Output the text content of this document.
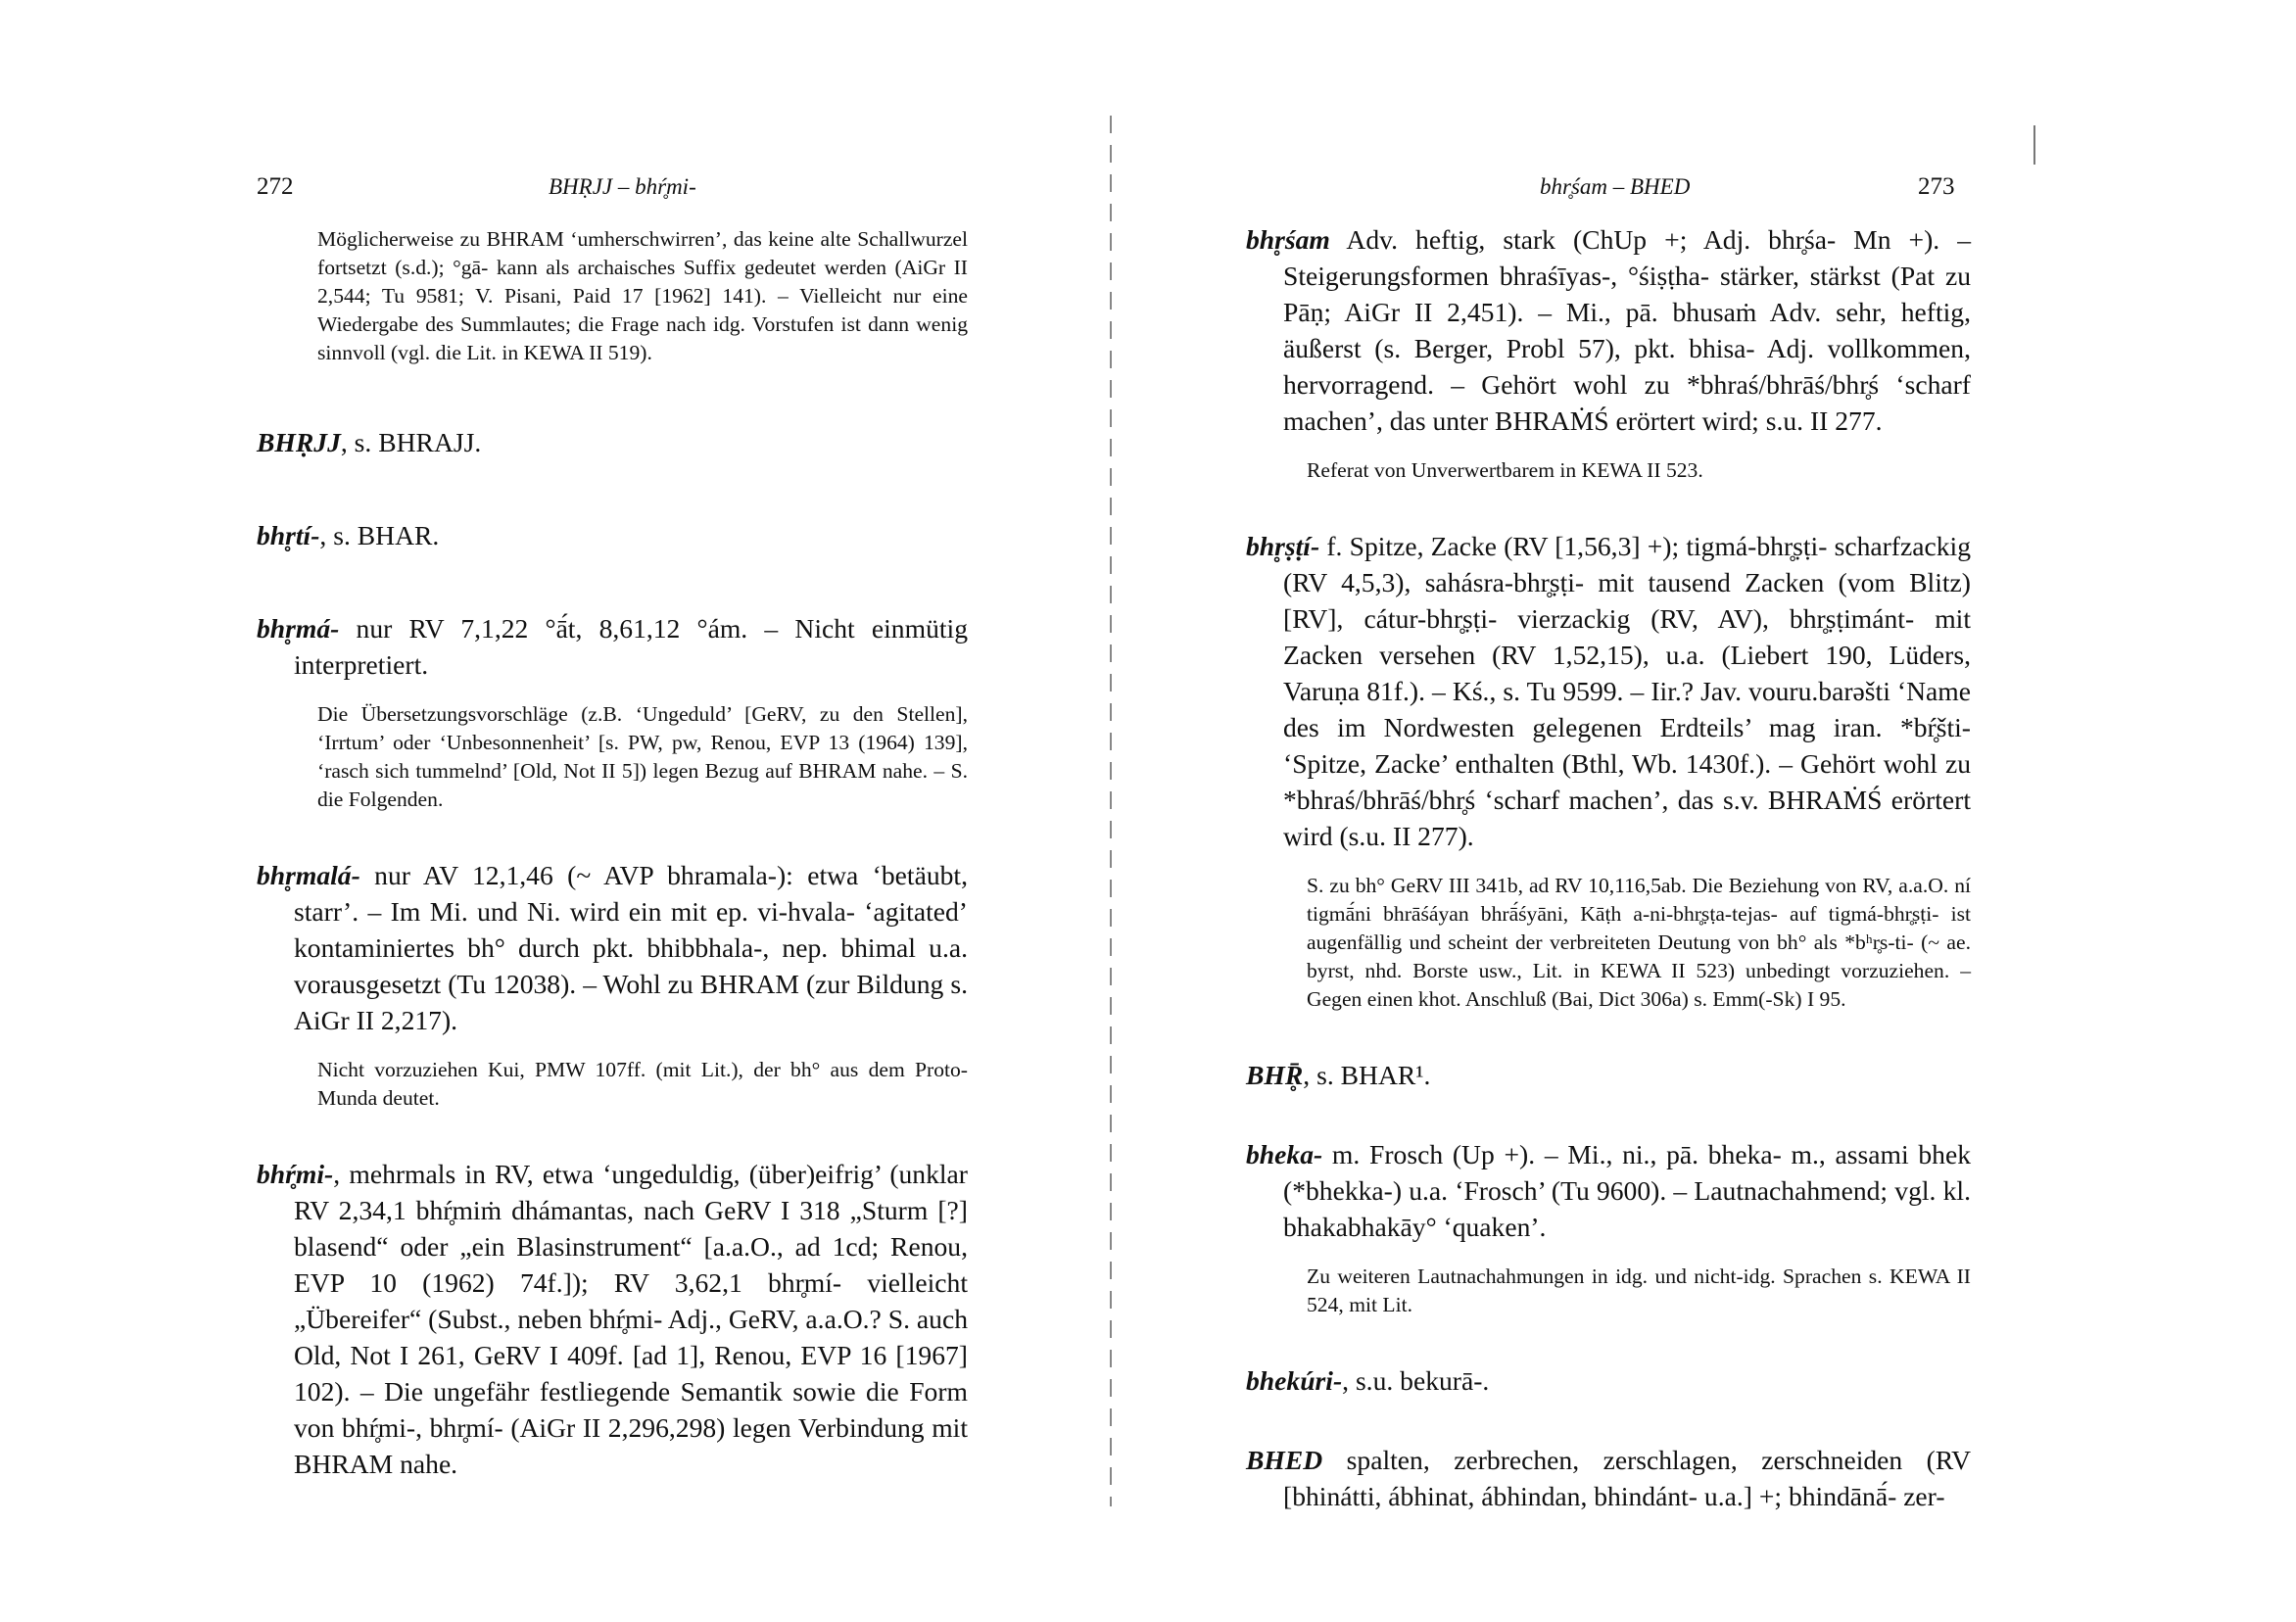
272	BHṚJJ – bhŕ̥mi-

Möglicherweise zu BHRAM ‘umherschwirren’, das keine alte Schallwurzel fortsetzt (s.d.); °gā- kann als archaisches Suffix gedeutet werden (AiGr II 2,544; Tu 9581; V. Pisani, Paid 17 [1962] 141). – Vielleicht nur eine Wiedergabe des Summlautes; die Frage nach idg. Vorstufen ist dann wenig sinnvoll (vgl. die Lit. in KEWA II 519).

BHṚJJ, s. BHRAJJ.

bhr̥tí-, s. BHAR.

bhr̥má- nur RV 7,1,22 °ā́t, 8,61,12 °ám. – Nicht einmütig interpretiert.

Die Übersetzungsvorschläge (z.B. ‘Ungeduld’ [GeRV, zu den Stellen], ‘Irrtum’ oder ‘Unbesonnenheit’ [s. PW, pw, Renou, EVP 13 (1964) 139], ‘rasch sich tummelnd’ [Old, Not II 5]) legen Bezug auf BHRAM nahe. – S. die Folgenden.

bhr̥malá- nur AV 12,1,46 (~ AVP bhramala-): etwa ‘betäubt, starr’. – Im Mi. und Ni. wird ein mit ep. vi-hvala- ‘agitated’ kontaminiertes bh° durch pkt. bhibbhala-, nep. bhimal u.a. vorausgesetzt (Tu 12038). – Wohl zu BHRAM (zur Bildung s. AiGr II 2,217).

Nicht vorzuziehen Kui, PMW 107ff. (mit Lit.), der bh° aus dem Proto-Munda deutet.

bhŕ̥mi-, mehrmals in RV, etwa ‘ungeduldig, (über)eifrig’ (unklar RV 2,34,1 bhŕ̥miṁ dhámantas, nach GeRV I 318 „Sturm [?] blasend“ oder „ein Blasinstrument“ [a.a.O., ad 1cd; Renou, EVP 10 (1962) 74f.]); RV 3,62,1 bhr̥mí- vielleicht „Übereifer“ (Subst., neben bhŕ̥mi- Adj., GeRV, a.a.O.? S. auch Old, Not I 261, GeRV I 409f. [ad 1], Renou, EVP 16 [1967] 102). – Die ungefähr festliegende Semantik sowie die Form von bhŕ̥mi-, bhr̥mí- (AiGr II 2,296,298) legen Verbindung mit BHRAM nahe.

bhr̥śam – BHED	273

bhr̥śam Adv. heftig, stark (ChUp +; Adj. bhr̥śa- Mn +). – Steigerungsformen bhraśīyas-, °śiṣṭha- stärker, stärkst (Pat zu Pāṇ; AiGr II 2,451). – Mi., pā. bhusaṁ Adv. sehr, heftig, äußerst (s. Berger, Probl 57), pkt. bhisa- Adj. vollkommen, hervorragend. – Gehört wohl zu *bhraś/bhrāś/bhr̥ś ‘scharf machen’, das unter BHRAṀŚ erörtert wird; s.u. II 277.

Referat von Unverwertbarem in KEWA II 523.

bhr̥ṣṭí- f. Spitze, Zacke (RV [1,56,3] +); tigmá-bhr̥ṣṭi- scharfzackig (RV 4,5,3), sahásra-bhr̥ṣṭi- mit tausend Zacken (vom Blitz) [RV], cátur-bhr̥ṣṭi- vierzackig (RV, AV), bhr̥ṣṭimánt- mit Zacken versehen (RV 1,52,15), u.a. (Liebert 190, Lüders, Varuṇa 81f.). – Kś., s. Tu 9599. – Iir.? Jav. vouru.barəšti ‘Name des im Nordwesten gelegenen Erdteils’ mag iran. *bŕ̥šti- ‘Spitze, Zacke’ enthalten (Bthl, Wb. 1430f.). – Gehört wohl zu *bhraś/bhrāś/bhr̥ś ‘scharf machen’, das s.v. BHRAṀŚ erörtert wird (s.u. II 277).

S. zu bh° GeRV III 341b, ad RV 10,116,5ab. Die Beziehung von RV, a.a.O. ní tigmā́ni bhrāśáyan bhrā́śyāni, Kāṭh a-ni-bhr̥ṣṭa-tejas- auf tigmá-bhr̥ṣṭi- ist augenfällig und scheint der verbreiteten Deutung von bh° als *bʰr̥s-ti- (~ ae. byrst, nhd. Borste usw., Lit. in KEWA II 523) unbedingt vorzuziehen. – Gegen einen khot. Anschluß (Bai, Dict 306a) s. Emm(-Sk) I 95.

BHR̥̄, s. BHAR¹.

bheka- m. Frosch (Up +). – Mi., ni., pā. bheka- m., assami bhek (*bhekka-) u.a. ‘Frosch’ (Tu 9600). – Lautnachahmend; vgl. kl. bhakabhakāy° ‘quaken’.

Zu weiteren Lautnachahmungen in idg. und nicht-idg. Sprachen s. KEWA II 524, mit Lit.

bhekúri-, s.u. bekurā-.

BHED spalten, zerbrechen, zerschlagen, zerschneiden (RV [bhinátti, ábhinat, ábhindan, bhindánt- u.a.] +; bhindānā́- zer-
